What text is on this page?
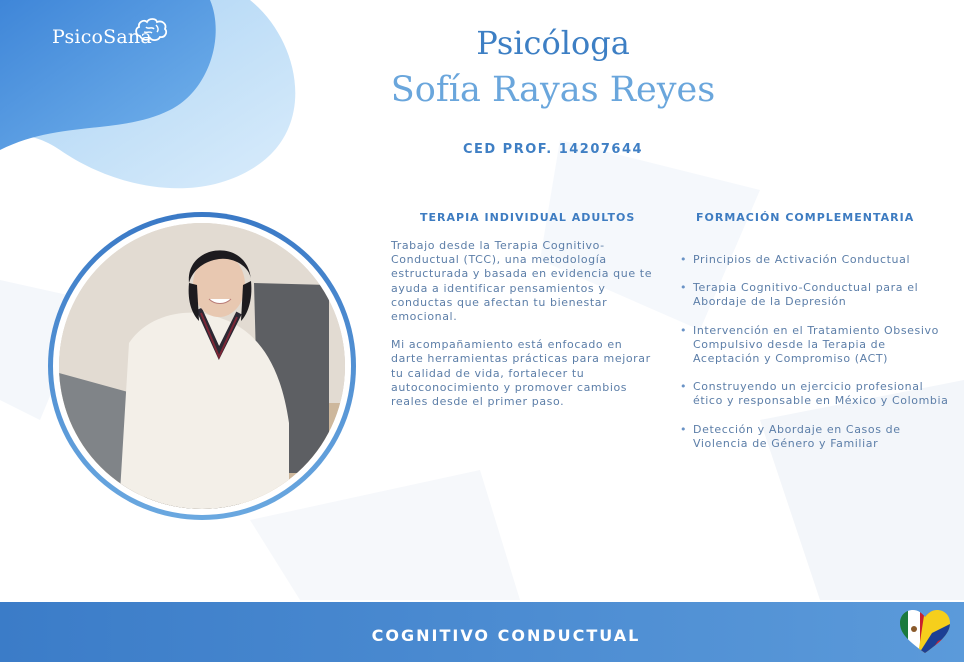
PsicoSana	Psicóloga
Sofía Rayas Reyes
CED PROF. 14207644
TERAPIA INDIVIDUAL ADULTOS

Trabajo desde la Terapia Cognitivo-Conductual (TCC), una metodología estructurada y basada en evidencia que te ayuda a identificar pensamientos y conductas que afectan tu bienestar emocional.

Mi acompañamiento está enfocado en darte herramientas prácticas para mejorar tu calidad de vida, fortalecer tu autoconocimiento y promover cambios reales desde el primer paso.

FORMACIÓN COMPLEMENTARIA
• Principios de Activación Conductual
• Terapia Cognitivo-Conductual para el Abordaje de la Depresión
• Intervención en el Tratamiento Obsesivo Compulsivo desde la Terapia de Aceptación y Compromiso (ACT)
• Construyendo un ejercicio profesional ético y responsable en México y Colombia
• Detección y Abordaje en Casos de Violencia de Género y Familiar
COGNITIVO CONDUCTUAL
